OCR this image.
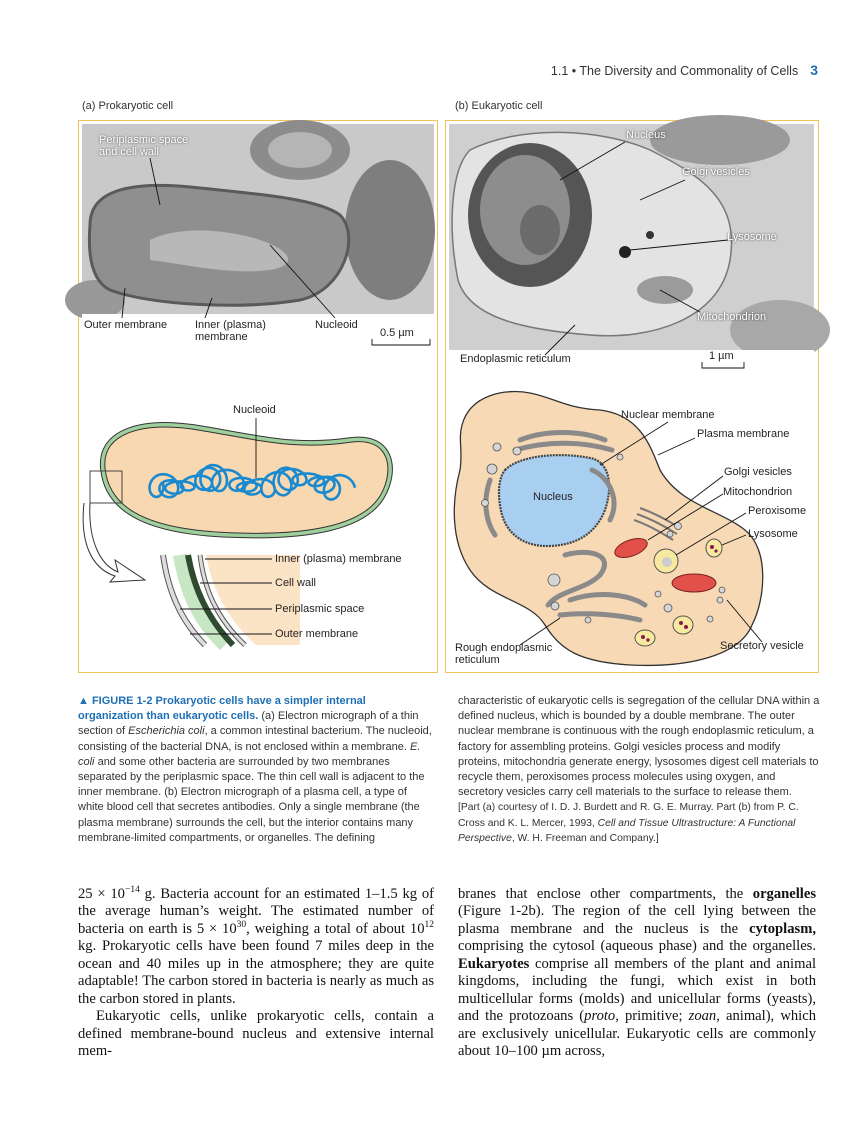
1.1 • The Diversity and Commonality of Cells 3
(a) Prokaryotic cell	(b) Eukaryotic cell
Periplasmic space
and cell wall
Outer membrane	Inner (plasma)
membrane
Nucleoid
0.5 µm
Nucleus
Golgi vesicles
Lysosome
Mitochondrion
Endoplasmic reticulum	1 µm
Nucleoid
Inner (plasma) membrane
Cell wall
Periplasmic space
Outer membrane
Nuclear membrane
Plasma membrane
Golgi vesicles
Mitochondrion
Peroxisome
Lysosome
Nucleus
Rough endoplasmic
reticulum
Secretory vesicle
▲ FIGURE 1-2 Prokaryotic cells have a simpler internal organization than eukaryotic cells. (a) Electron micrograph of a thin section of Escherichia coli, a common intestinal bacterium. The nucleoid, consisting of the bacterial DNA, is not enclosed within a membrane. E. coli and some other bacteria are surrounded by two membranes separated by the periplasmic space. The thin cell wall is adjacent to the inner membrane. (b) Electron micrograph of a plasma cell, a type of white blood cell that secretes antibodies. Only a single membrane (the plasma membrane) surrounds the cell, but the interior contains many membrane-limited compartments, or organelles. The defining
characteristic of eukaryotic cells is segregation of the cellular DNA within a defined nucleus, which is bounded by a double membrane. The outer nuclear membrane is continuous with the rough endoplasmic reticulum, a factory for assembling proteins. Golgi vesicles process and modify proteins, mitochondria generate energy, lysosomes digest cell materials to recycle them, peroxisomes process molecules using oxygen, and secretory vesicles carry cell materials to the surface to release them.
[Part (a) courtesy of I. D. J. Burdett and R. G. E. Murray. Part (b) from P. C. Cross and K. L. Mercer, 1993, Cell and Tissue Ultrastructure: A Functional Perspective, W. H. Freeman and Company.]

$25 \times 10^{-14}$ g. Bacteria account for an estimated 1–1.5 kg of the average human’s weight. The estimated number of bacteria on earth is $5 \times 10^{30}$, weighing a total of about $10^{12}$ kg. Prokaryotic cells have been found 7 miles deep in the ocean and 40 miles up in the atmosphere; they are quite adaptable! The carbon stored in bacteria is nearly as much as the carbon stored in plants.

Eukaryotic cells, unlike prokaryotic cells, contain a defined membrane-bound nucleus and extensive internal mem-

branes that enclose other compartments, the organelles (Figure 1-2b). The region of the cell lying between the plasma membrane and the nucleus is the cytoplasm, comprising the cytosol (aqueous phase) and the organelles. Eukaryotes comprise all members of the plant and animal kingdoms, including the fungi, which exist in both multicellular forms (molds) and unicellular forms (yeasts), and the protozoans (proto, primitive; zoan, animal), which are exclusively unicellular. Eukaryotic cells are commonly about 10–100 µm across,
